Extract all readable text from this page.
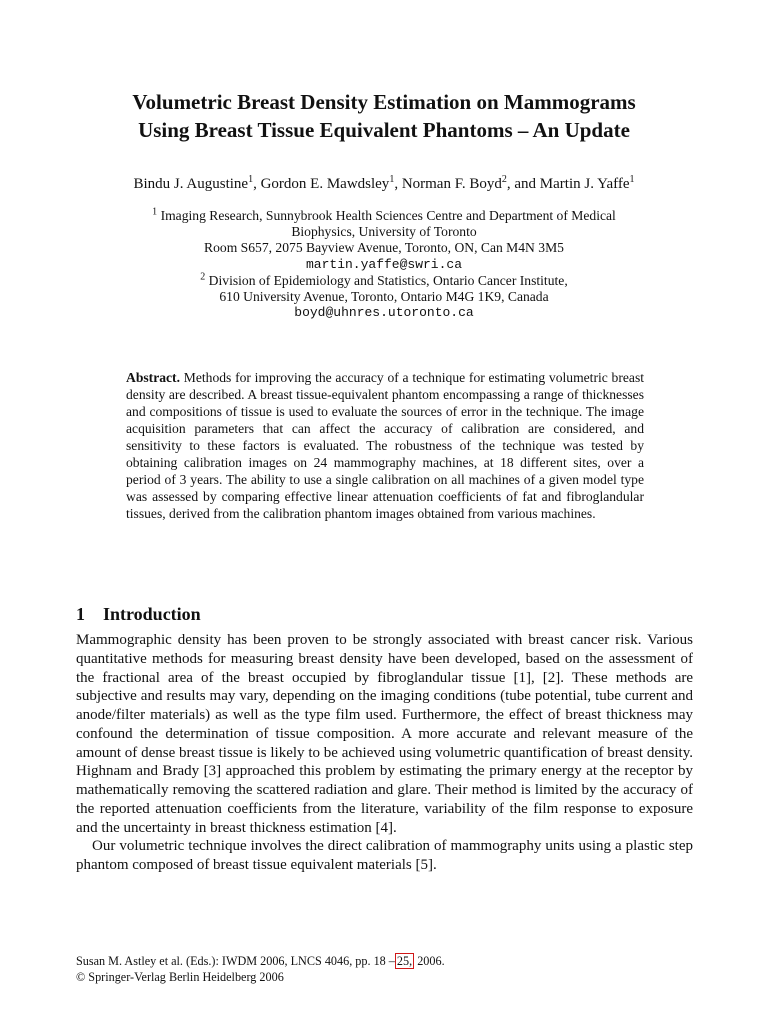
Volumetric Breast Density Estimation on Mammograms
Using Breast Tissue Equivalent Phantoms – An Update
Bindu J. Augustine$^1$, Gordon E. Mawdsley$^1$, Norman F. Boyd$^2$, and Martin J. Yaffe$^1$
$^1$ Imaging Research, Sunnybrook Health Sciences Centre and Department of Medical
Biophysics, University of Toronto
Room S657, 2075 Bayview Avenue, Toronto, ON, Can M4N 3M5
martin.yaffe@swri.ca
$^2$ Division of Epidemiology and Statistics, Ontario Cancer Institute,
610 University Avenue, Toronto, Ontario M4G 1K9, Canada
boyd@uhnres.utoronto.ca
Abstract. Methods for improving the accuracy of a technique for estimating volumetric breast density are described. A breast tissue-equivalent phantom encompassing a range of thicknesses and compositions of tissue is used to evaluate the sources of error in the technique. The image acquisition parameters that can affect the accuracy of calibration are considered, and sensitivity to these factors is evaluated. The robustness of the technique was tested by obtaining calibration images on 24 mammography machines, at 18 different sites, over a period of 3 years. The ability to use a single calibration on all machines of a given model type was assessed by comparing effective linear attenuation coefficients of fat and fibroglandular tissues, derived from the calibration phantom images obtained from various machines.
1 Introduction

Mammographic density has been proven to be strongly associated with breast cancer risk. Various quantitative methods for measuring breast density have been developed, based on the assessment of the fractional area of the breast occupied by fibroglandular tissue [1], [2]. These methods are subjective and results may vary, depending on the imaging conditions (tube potential, tube current and anode/filter materials) as well as the type film used. Furthermore, the effect of breast thickness may confound the determination of tissue composition. A more accurate and relevant measure of the amount of dense breast tissue is likely to be achieved using volumetric quantification of breast density. Highnam and Brady [3] approached this problem by estimating the primary energy at the receptor by mathematically removing the scattered radiation and glare. Their method is limited by the accuracy of the reported attenuation coefficients from the literature, variability of the film response to exposure and the uncertainty in breast thickness estimation [4].

Our volumetric technique involves the direct calibration of mammography units using a plastic step phantom composed of breast tissue equivalent materials [5].

Susan M. Astley et al. (Eds.): IWDM 2006, LNCS 4046, pp. 18 – 25, 2006.
© Springer-Verlag Berlin Heidelberg 2006
